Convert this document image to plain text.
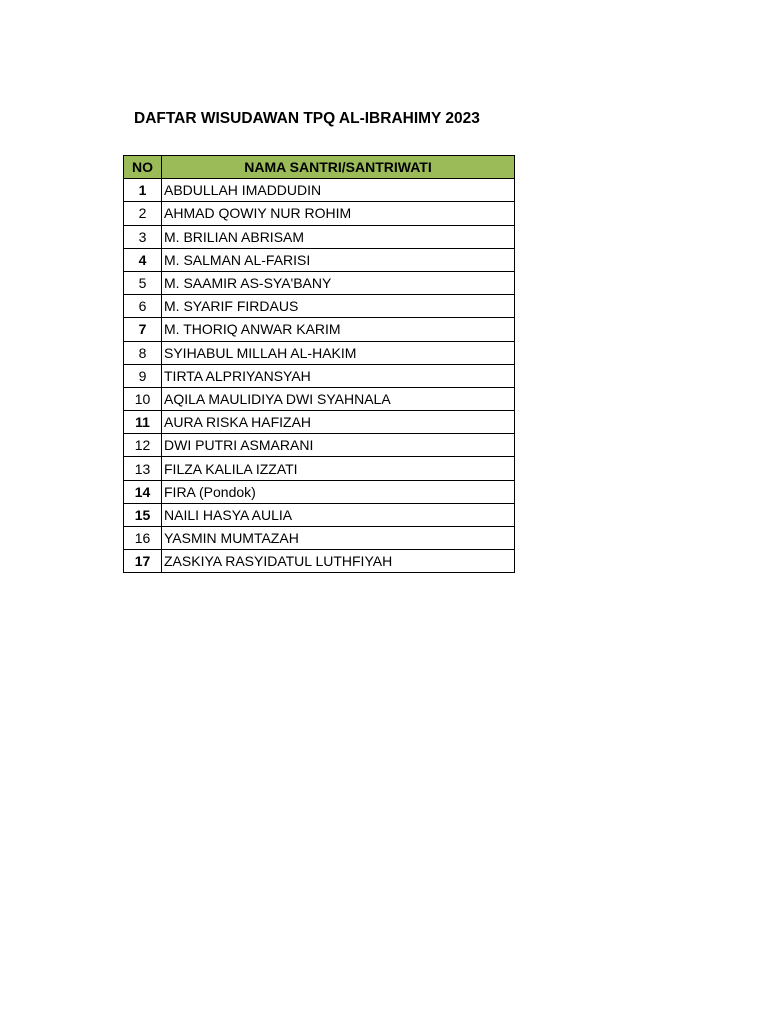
DAFTAR WISUDAWAN TPQ AL-IBRAHIMY 2023
NO	NAMA SANTRI/SANTRIWATI
1	ABDULLAH IMADDUDIN
2	AHMAD QOWIY NUR ROHIM
3	M. BRILIAN ABRISAM
4	M. SALMAN AL-FARISI
5	M. SAAMIR AS-SYA'BANY
6	M. SYARIF FIRDAUS
7	M. THORIQ ANWAR KARIM
8	SYIHABUL MILLAH AL-HAKIM
9	TIRTA ALPRIYANSYAH
10	AQILA MAULIDIYA DWI SYAHNALA
11	AURA RISKA HAFIZAH
12	DWI PUTRI ASMARANI
13	FILZA KALILA IZZATI
14	FIRA (Pondok)
15	NAILI HASYA AULIA
16	YASMIN MUMTAZAH
17	ZASKIYA RASYIDATUL LUTHFIYAH
